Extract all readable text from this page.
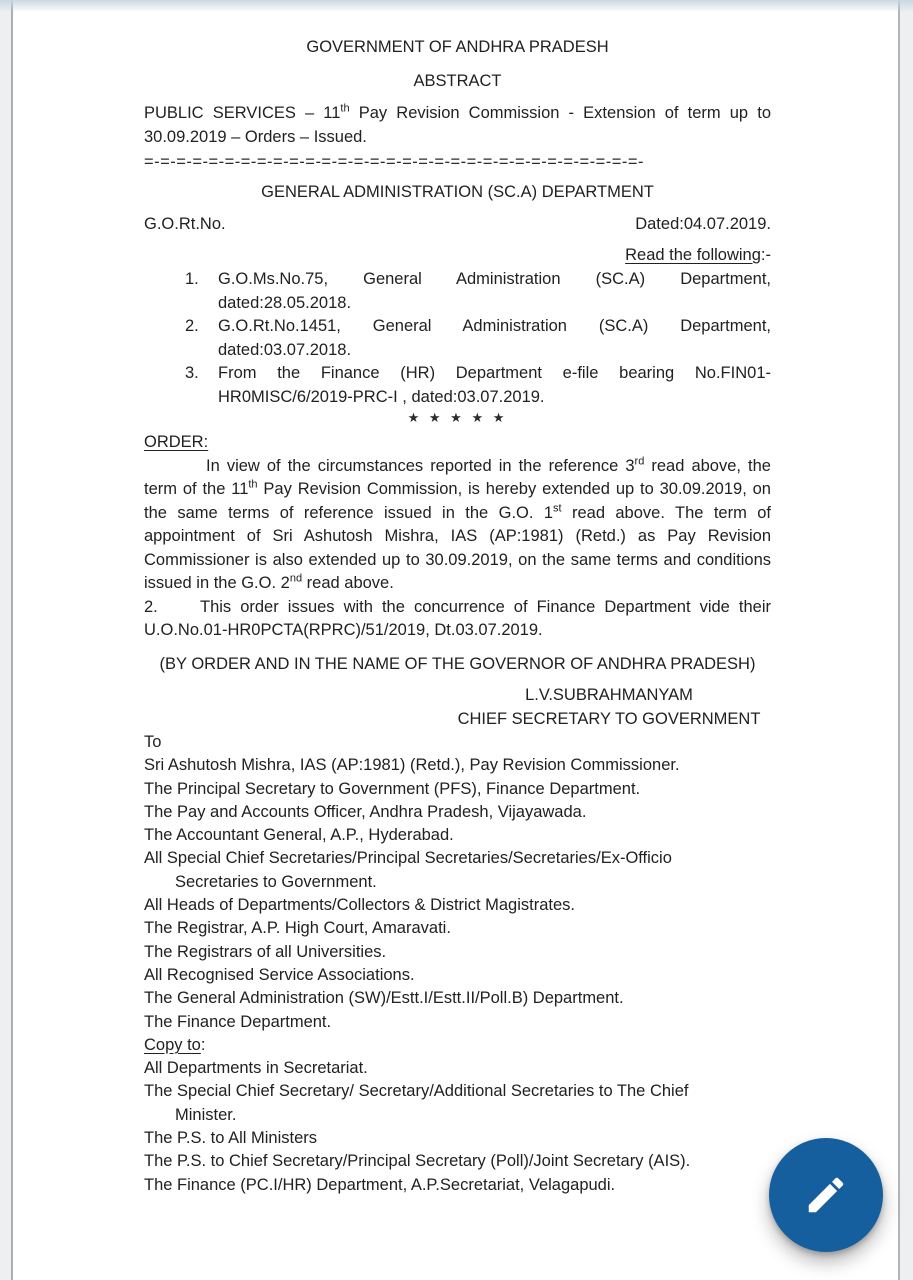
GOVERNMENT OF ANDHRA PRADESH
ABSTRACT

PUBLIC SERVICES – 11th Pay Revision Commission - Extension of term up to 30.09.2019 – Orders – Issued.

=-=-=-=-=-=-=-=-=-=-=-=-=-=-=-=-=-=-=-=-=-=-=-=-=-=-=-=-=-=-=-
GENERAL ADMINISTRATION (SC.A) DEPARTMENT
G.O.Rt.No.	Dated:04.07.2019.
Read the following:-
1. G.O.Ms.No.75, General Administration (SC.A) Department, dated:28.05.2018.
2. G.O.Rt.No.1451, General Administration (SC.A) Department, dated:03.07.2018.
3. From the Finance (HR) Department e-file bearing No.FIN01-HR0MISC/6/2019-PRC-I , dated:03.07.2019.
★ ★ ★ ★ ★
ORDER:

In view of the circumstances reported in the reference 3rd read above, the term of the 11th Pay Revision Commission, is hereby extended up to 30.09.2019, on the same terms of reference issued in the G.O. 1st read above. The term of appointment of Sri Ashutosh Mishra, IAS (AP:1981) (Retd.) as Pay Revision Commissioner is also extended up to 30.09.2019, on the same terms and conditions issued in the G.O. 2nd read above.

2.	This order issues with the concurrence of Finance Department vide their U.O.No.01-HR0PCTA(RPRC)/51/2019, Dt.03.07.2019.

(BY ORDER AND IN THE NAME OF THE GOVERNOR OF ANDHRA PRADESH)
L.V.SUBRAHMANYAM
CHIEF SECRETARY TO GOVERNMENT
To
Sri Ashutosh Mishra, IAS (AP:1981) (Retd.), Pay Revision Commissioner.
The Principal Secretary to Government (PFS), Finance Department.
The Pay and Accounts Officer, Andhra Pradesh, Vijayawada.
The Accountant General, A.P., Hyderabad.
All Special Chief Secretaries/Principal Secretaries/Secretaries/Ex-Officio
Secretaries to Government.
All Heads of Departments/Collectors & District Magistrates.
The Registrar, A.P. High Court, Amaravati.
The Registrars of all Universities.
All Recognised Service Associations.
The General Administration (SW)/Estt.I/Estt.II/Poll.B) Department.
The Finance Department.
Copy to:
All Departments in Secretariat.
The Special Chief Secretary/ Secretary/Additional Secretaries to The Chief
Minister.
The P.S. to All Ministers
The P.S. to Chief Secretary/Principal Secretary (Poll)/Joint Secretary (AIS).
The Finance (PC.I/HR) Department, A.P.Secretariat, Velagapudi.
